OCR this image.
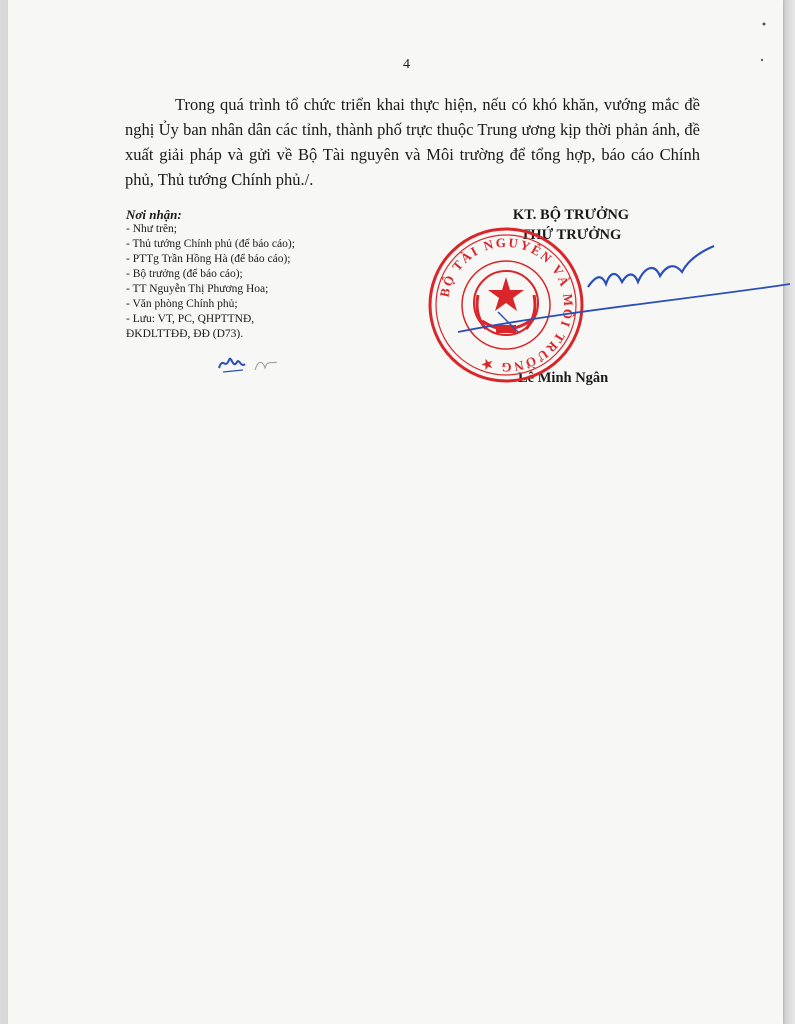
4

Trong quá trình tổ chức triển khai thực hiện, nếu có khó khăn, vướng mắc đề nghị Ủy ban nhân dân các tỉnh, thành phố trực thuộc Trung ương kịp thời phản ánh, đề xuất giải pháp và gửi về Bộ Tài nguyên và Môi trường để tổng hợp, báo cáo Chính phủ, Thủ tướng Chính phủ./.

Nơi nhận:
- Như trên;
- Thủ tướng Chính phủ (để báo cáo);
- PTTg Trần Hồng Hà (để báo cáo);
- Bộ trưởng (để báo cáo);
- TT Nguyễn Thị Phương Hoa;
- Văn phòng Chính phủ;
- Lưu: VT, PC, QHPTTNĐ,
ĐKDLTTĐĐ, ĐĐ (D73).
KT. BỘ TRƯỞNG
THỨ TRƯỞNG
Lê Minh Ngân
BỘ TÀI NGUYÊN VÀ MÔI TRƯỜNG ★
